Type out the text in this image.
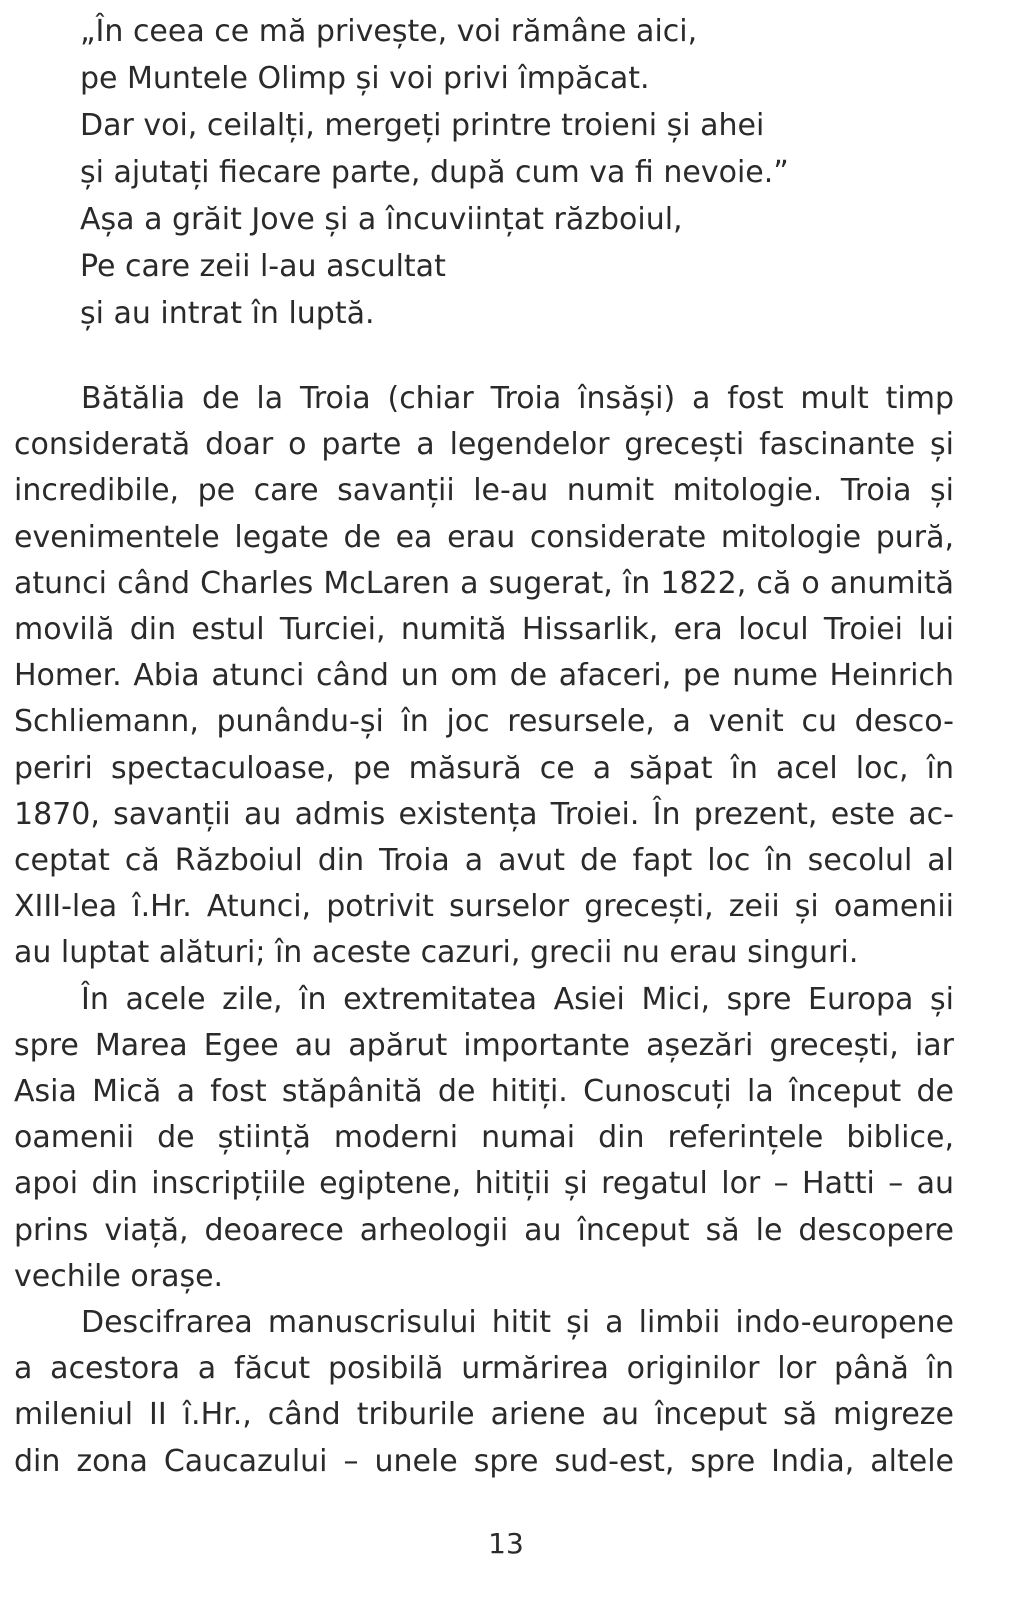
„În ceea ce mă privește, voi rămâne aici,
pe Muntele Olimp și voi privi împăcat.
Dar voi, ceilalți, mergeți printre troieni și ahei
și ajutați fiecare parte, după cum va fi nevoie.”
Așa a grăit Jove și a încuviințat războiul,
Pe care zeii l-au ascultat
și au intrat în luptă.

Bătălia de la Troia (chiar Troia însăși) a fost mult timp
considerată doar o parte a legendelor grecești fascinante și
incredibile, pe care savanții le-au numit mitologie. Troia și
evenimentele legate de ea erau considerate mitologie pură,
atunci când Charles McLaren a sugerat, în 1822, că o anumită
movilă din estul Turciei, numită Hissarlik, era locul Troiei lui
Homer. Abia atunci când un om de afaceri, pe nume Heinrich
Schliemann, punându-și în joc resursele, a venit cu desco-
periri spectaculoase, pe măsură ce a săpat în acel loc, în
1870, savanții au admis existența Troiei. În prezent, este ac-
ceptat că Războiul din Troia a avut de fapt loc în secolul al
XIII-lea î.Hr. Atunci, potrivit surselor grecești, zeii și oamenii
au luptat alături; în aceste cazuri, grecii nu erau singuri.

În acele zile, în extremitatea Asiei Mici, spre Europa și
spre Marea Egee au apărut importante așezări grecești, iar
Asia Mică a fost stăpânită de hitiți. Cunoscuți la început de
oamenii de știință moderni numai din referințele biblice,
apoi din inscripțiile egiptene, hitiții și regatul lor – Hatti – au
prins viață, deoarece arheologii au început să le descopere
vechile orașe.

Descifrarea manuscrisului hitit și a limbii indo-europene
a acestora a făcut posibilă urmărirea originilor lor până în
mileniul II î.Hr., când triburile ariene au început să migreze
din zona Caucazului – unele spre sud-est, spre India, altele

13
